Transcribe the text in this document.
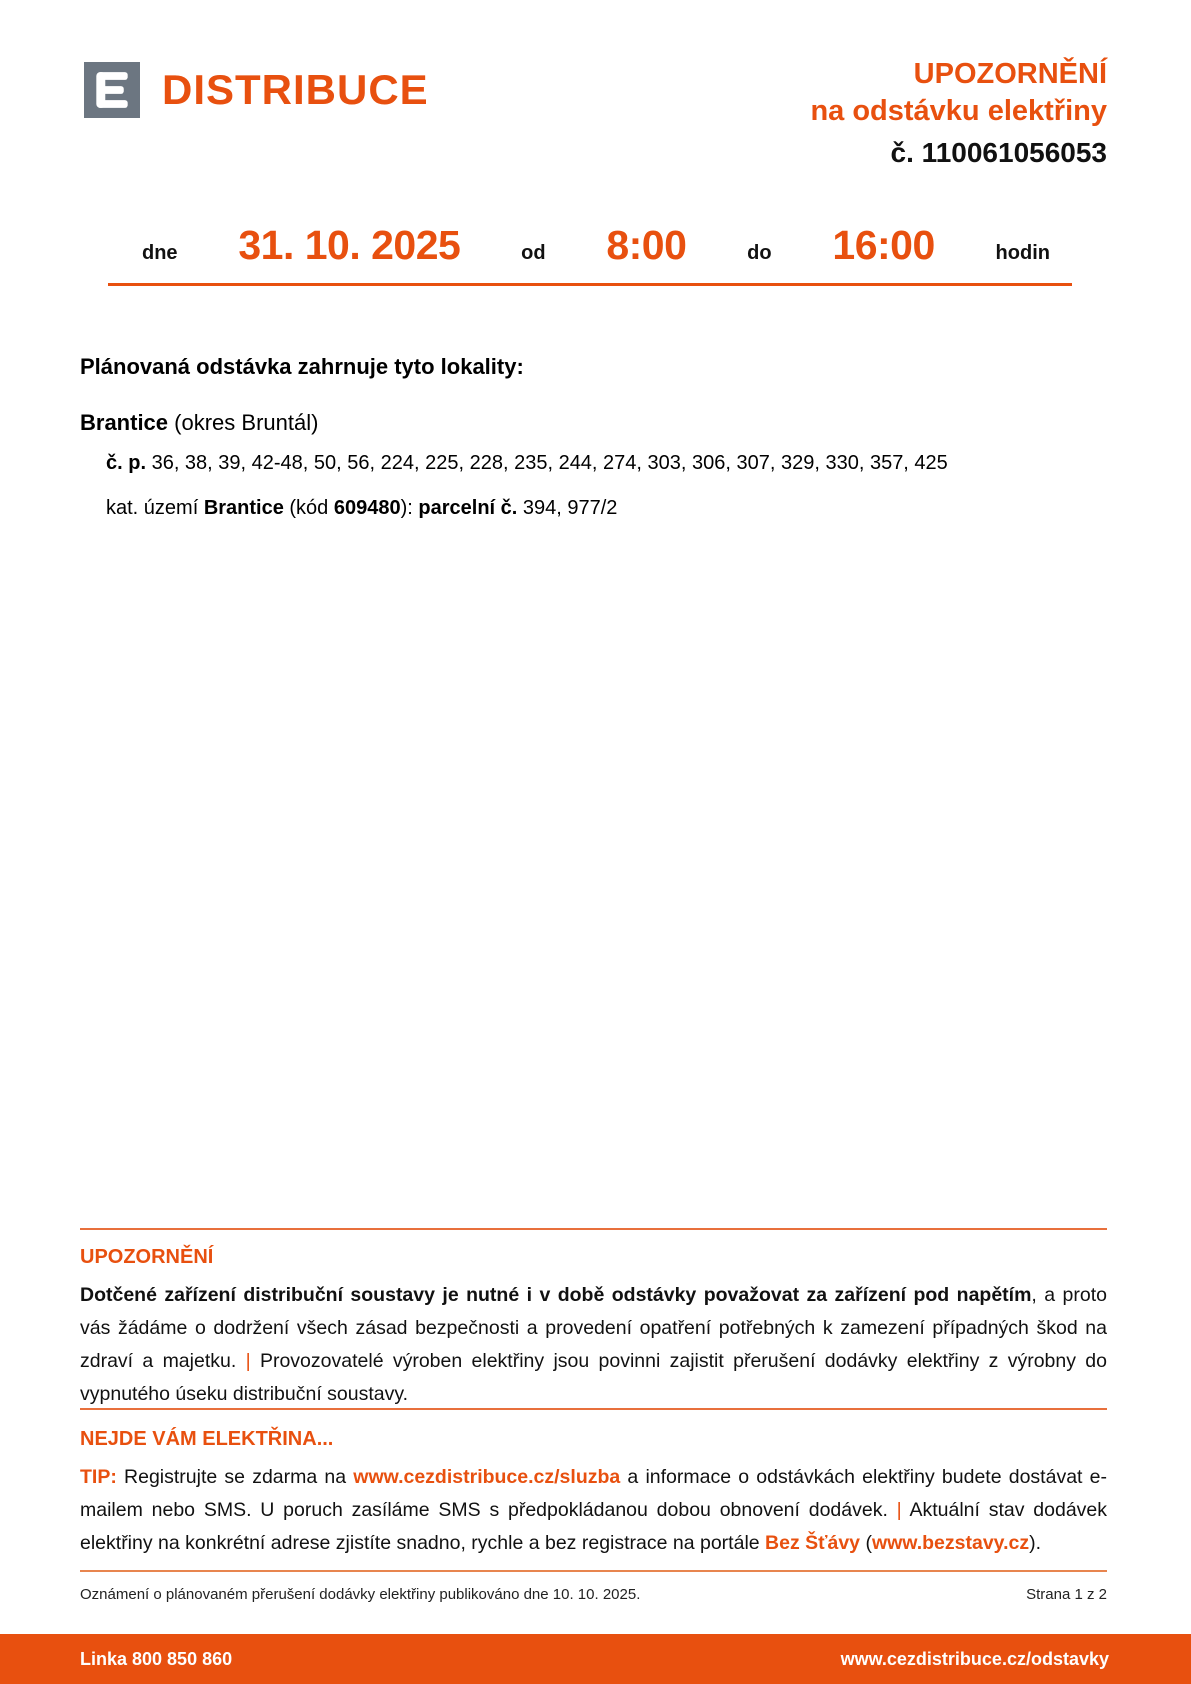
DISTRIBUCE	UPOZORNĚNÍ
na odstávku elektřiny
č. 110061056053
dne 31. 10. 2025	od 8:00	do 16:00	hodin

Plánovaná odstávka zahrnuje tyto lokality:

Brantice (okres Bruntál)

č. p. 36, 38, 39, 42-48, 50, 56, 224, 225, 228, 235, 244, 274, 303, 306, 307, 329, 330, 357, 425

kat. území Brantice (kód 609480): parcelní č. 394, 977/2

UPOZORNĚNÍ

Dotčené zařízení distribuční soustavy je nutné i v době odstávky považovat za zařízení pod napětím, a proto vás žádáme o dodržení všech zásad bezpečnosti a provedení opatření potřebných k zamezení případných škod na zdraví a majetku. | Provozovatelé výroben elektřiny jsou povinni zajistit přerušení dodávky elektřiny z výrobny do vypnutého úseku distribuční soustavy.

NEJDE VÁM ELEKTŘINA...

TIP: Registrujte se zdarma na www.cezdistribuce.cz/sluzba a informace o odstávkách elektřiny budete dostávat e-mailem nebo SMS. U poruch zasíláme SMS s předpokládanou dobou obnovení dodávek. | Aktuální stav dodávek elektřiny na konkrétní adrese zjistíte snadno, rychle a bez registrace na portále Bez Šťávy (www.bezstavy.cz).

Oznámení o plánovaném přerušení dodávky elektřiny publikováno dne 10. 10. 2025.	Strana 1 z 2
Linka 800 850 860	www.cezdistribuce.cz/odstavky
